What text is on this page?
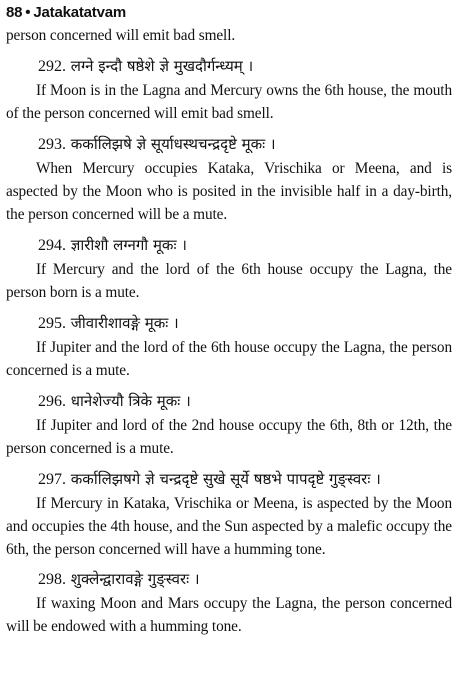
88 • Jatakatatvam
person concerned will emit bad smell.
292. लग्ने इन्दौ षष्ठेशे ज्ञे मुखदौर्गन्ध्यम् ।
If Moon is in the Lagna and Mercury owns the 6th house, the mouth of the person concerned will emit bad smell.
293. कर्कालिझषे ज्ञे सूर्याधस्थचन्द्रदृष्टे मूकः ।
When Mercury occupies Kataka, Vrischika or Meena, and is aspected by the Moon who is posited in the invisible half in a day-birth, the person concerned will be a mute.
294. ज्ञारीशौ लग्नगौ मूकः ।
If Mercury and the lord of the 6th house occupy the Lagna, the person born is a mute.
295. जीवारीशावङ्गे मूकः ।
If Jupiter and the lord of the 6th house occupy the Lagna, the person concerned is a mute.
296. धानेशेज्यौ त्रिके मूकः ।
If Jupiter and lord of the 2nd house occupy the 6th, 8th or 12th, the person concerned is a mute.
297. कर्कालिझषगे ज्ञे चन्द्रदृष्टे सुखे सूर्ये षष्ठभे पापदृष्टे गुङ्स्वरः ।
If Mercury in Kataka, Vrischika or Meena, is aspected by the Moon and occupies the 4th house, and the Sun aspected by a malefic occupy the 6th, the person concerned will have a humming tone.
298. शुक्लेन्द्वारावङ्गे गुङ्स्वरः ।
If waxing Moon and Mars occupy the Lagna, the person concerned will be endowed with a humming tone.
